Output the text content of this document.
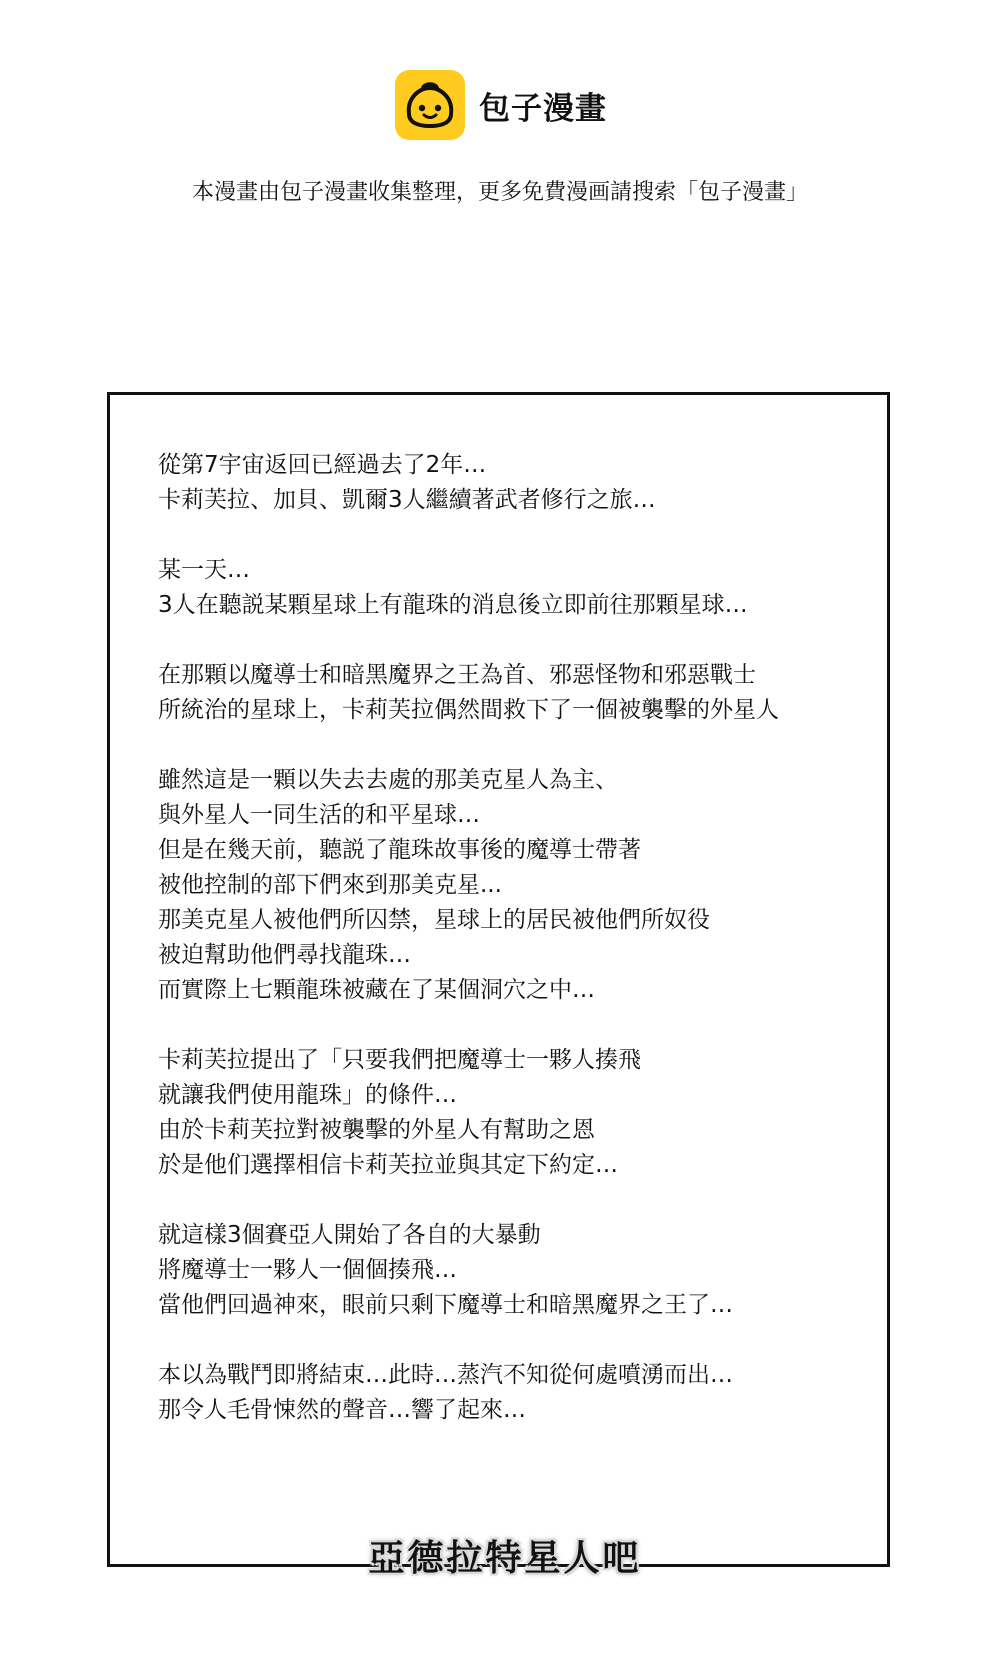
包子漫畫
本漫畫由包子漫畫收集整理，更多免費漫画請搜索「包子漫畫」
從第7宇宙返回已經過去了2年…
卡莉芙拉、加貝、凱爾3人繼續著武者修行之旅…
某一天…
3人在聽説某顆星球上有龍珠的消息後立即前往那顆星球…
在那顆以魔導士和暗黑魔界之王為首、邪惡怪物和邪惡戰士
所統治的星球上，卡莉芙拉偶然間救下了一個被襲擊的外星人
雖然這是一顆以失去去處的那美克星人為主、
與外星人一同生活的和平星球…
但是在幾天前，聽説了龍珠故事後的魔導士帶著
被他控制的部下們來到那美克星...
那美克星人被他們所囚禁，星球上的居民被他們所奴役
被迫幫助他們尋找龍珠…
而實際上七顆龍珠被藏在了某個洞穴之中…
卡莉芙拉提出了「只要我們把魔導士一夥人揍飛
就讓我們使用龍珠」的條件…
由於卡莉芙拉對被襲擊的外星人有幫助之恩
於是他们選擇相信卡莉芙拉並與其定下約定…
就這樣3個賽亞人開始了各自的大暴動
將魔導士一夥人一個個揍飛…
當他們回過神來，眼前只剩下魔導士和暗黑魔界之王了…
本以為戰鬥即將結束…此時…蒸汽不知從何處噴湧而出…
那令人毛骨悚然的聲音…響了起來…
亞德拉特星人吧
